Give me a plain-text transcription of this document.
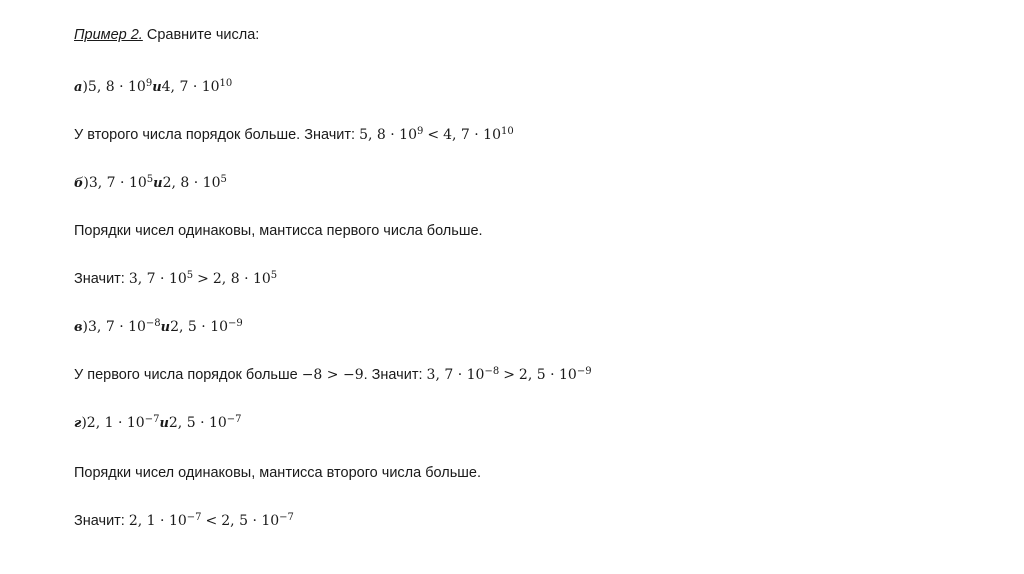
Пример 2. Сравните числа:
а)5, $8 \cdot 10^9и4$, $7 \cdot 10^{10}$
У второго числа порядок больше. Значит: 5, $8 \cdot 10^9 < 4$, $7 \cdot 10^{10}$
б)3, $7 \cdot 10^5и2$, $8 \cdot 10^5$
Порядки чисел одинаковы, мантисса первого числа больше.
Значит: 3, $7 \cdot 10^5 > 2$, $8 \cdot 10^5$
в)3, $7 \cdot 10^{-8}и2$, $5 \cdot 10^{-9}$
У первого числа порядок больше −8 > −9. Значит: 3, $7 \cdot 10^{-8} > 2$, $5 \cdot 10^{-9}$
г)2, $1 \cdot 10^{-7}и2$, $5 \cdot 10^{-7}$
Порядки чисел одинаковы, мантисса второго числа больше.
Значит: 2, $1 \cdot 10^{-7} < 2$, $5 \cdot 10^{-7}$
